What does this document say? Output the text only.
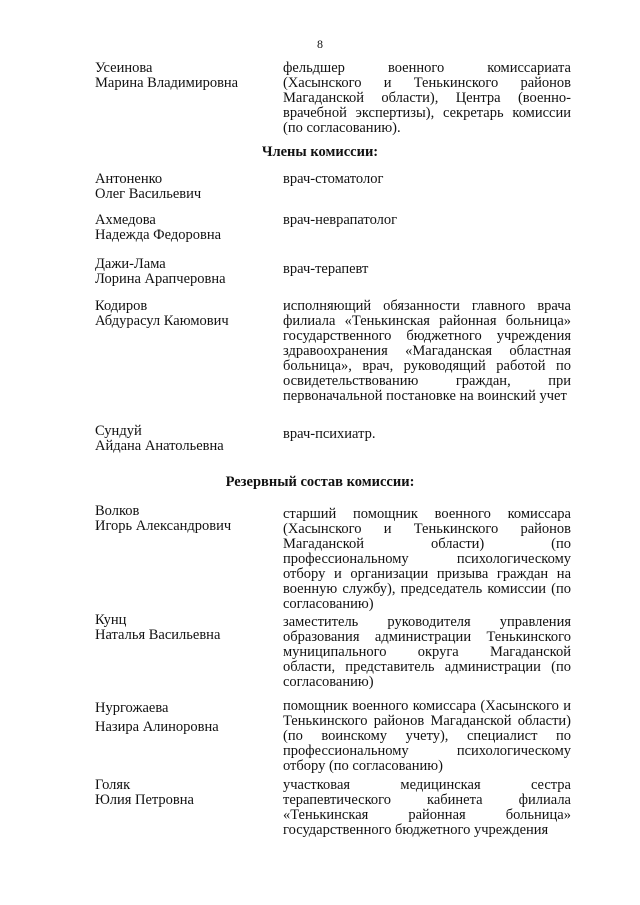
8
Усеинова
Марина Владимировна
фельдшер военного комиссариата (Хасынского и Тенькинского районов Магаданской области), Центра (военно-врачебной экспертизы), секретарь комиссии (по согласованию).
Члены комиссии:
Антоненко
Олег Васильевич
врач-стоматолог
Ахмедова
Надежда Федоровна
врач-неврапатолог
Дажи-Лама
Лорина Арапчеровна
врач-терапевт
Кодиров
Абдурасул Каюмович
исполняющий обязанности главного врача филиала «Тенькинская районная больница» государственного бюджетного учреждения здравоохранения «Магаданская областная больница», врач, руководящий работой по освидетельствованию граждан, при первоначальной постановке на воинский учет
Сундуй
Айдана Анатольевна
врач-психиатр.
Резервный состав комиссии:
Волков
Игорь Александрович
старший помощник военного комиссара (Хасынского и Тенькинского районов Магаданской области) (по профессиональному психологическому отбору и организации призыва граждан на военную службу), председатель комиссии (по согласованию)
Кунц
Наталья Васильевна
заместитель руководителя управления образования администрации Тенькинского муниципального округа Магаданской области, представитель администрации (по согласованию)
Нургожаева
Назира Алиноровна
помощник военного комиссара (Хасынского и Тенькинского районов Магаданской области) (по воинскому учету), специалист по профессиональному психологическому отбору (по согласованию)
Голяк
Юлия Петровна
участковая медицинская сестра терапевтического кабинета филиала «Тенькинская районная больница» государственного бюджетного учреждения
